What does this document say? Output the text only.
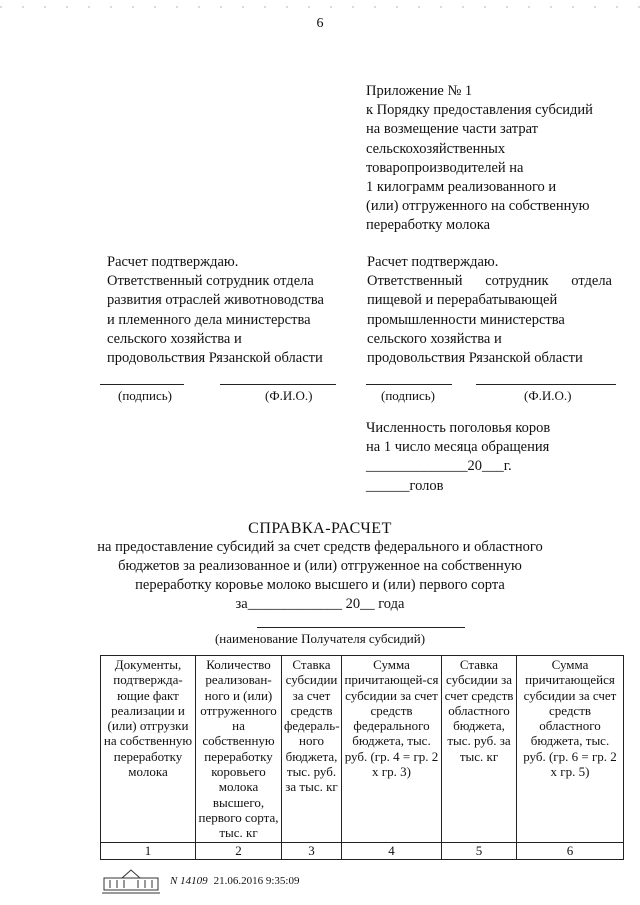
6
Приложение № 1
к Порядку предоставления субсидий
на возмещение части затрат
сельскохозяйственных
товаропроизводителей на
1 килограмм реализованного и
(или) отгруженного на собственную
переработку молока
Расчет подтверждаю.
Ответственный сотрудник отдела
развития отраслей животноводства
и племенного дела министерства
сельского хозяйства и
продовольствия Рязанской области
Расчет подтверждаю.
Ответственный сотрудник отдела
пищевой и перерабатывающей
промышленности министерства
сельского хозяйства и
продовольствия Рязанской области
(подпись)	(Ф.И.О.)	(подпись)	(Ф.И.О.)
Численность поголовья коров
на 1 число месяца обращения
______________20___г.
______голов
СПРАВКА-РАСЧЕТ
на предоставление субсидий за счет средств федерального и областного
бюджетов за реализованное и (или) отгруженное на собственную
переработку коровье молоко высшего и (или) первого сорта
за_____________ 20__ года
(наименование Получателя субсидий)
Документы, подтвержда-ющие факт реализации и (или) отгрузки на собственную переработку молока	Количество реализован-ного и (или) отгруженного на собственную переработку коровьего молока высшего, первого сорта, тыс. кг	Ставка субсидии за счет средств федераль-ного бюджета, тыс. руб. за тыс. кг	Сумма причитающей-ся субсидии за счет средств федерального бюджета, тыс. руб. (гр. 4 = гр. 2 х гр. 3)	Ставка субсидии за счет средств областного бюджета, тыс. руб. за тыс. кг	Сумма причитающейся субсидии за счет средств областного бюджета, тыс. руб. (гр. 6 = гр. 2 х гр. 5)
1	2	3	4	5	6
N 14109 21.06.2016 9:35:09
